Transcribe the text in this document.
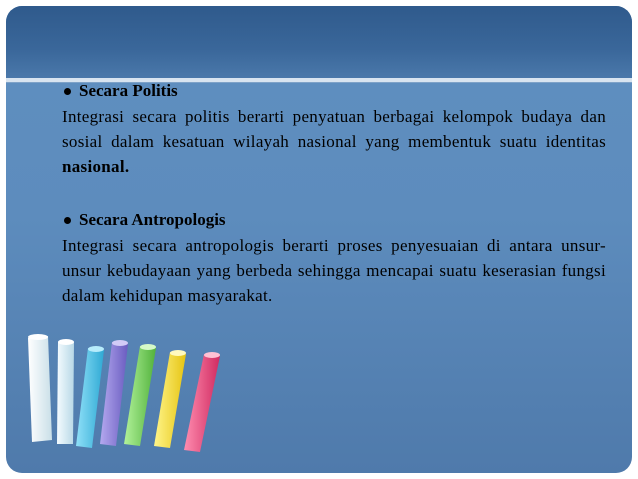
Secara Politis

Integrasi secara politis berarti penyatuan berbagai kelompok budaya dan sosial dalam kesatuan wilayah nasional yang membentuk suatu identitas nasional.

Secara Antropologis

Integrasi secara antropologis berarti proses penyesuaian di antara unsur-unsur kebudayaan yang berbeda sehingga mencapai suatu keserasian fungsi dalam kehidupan masyarakat.
